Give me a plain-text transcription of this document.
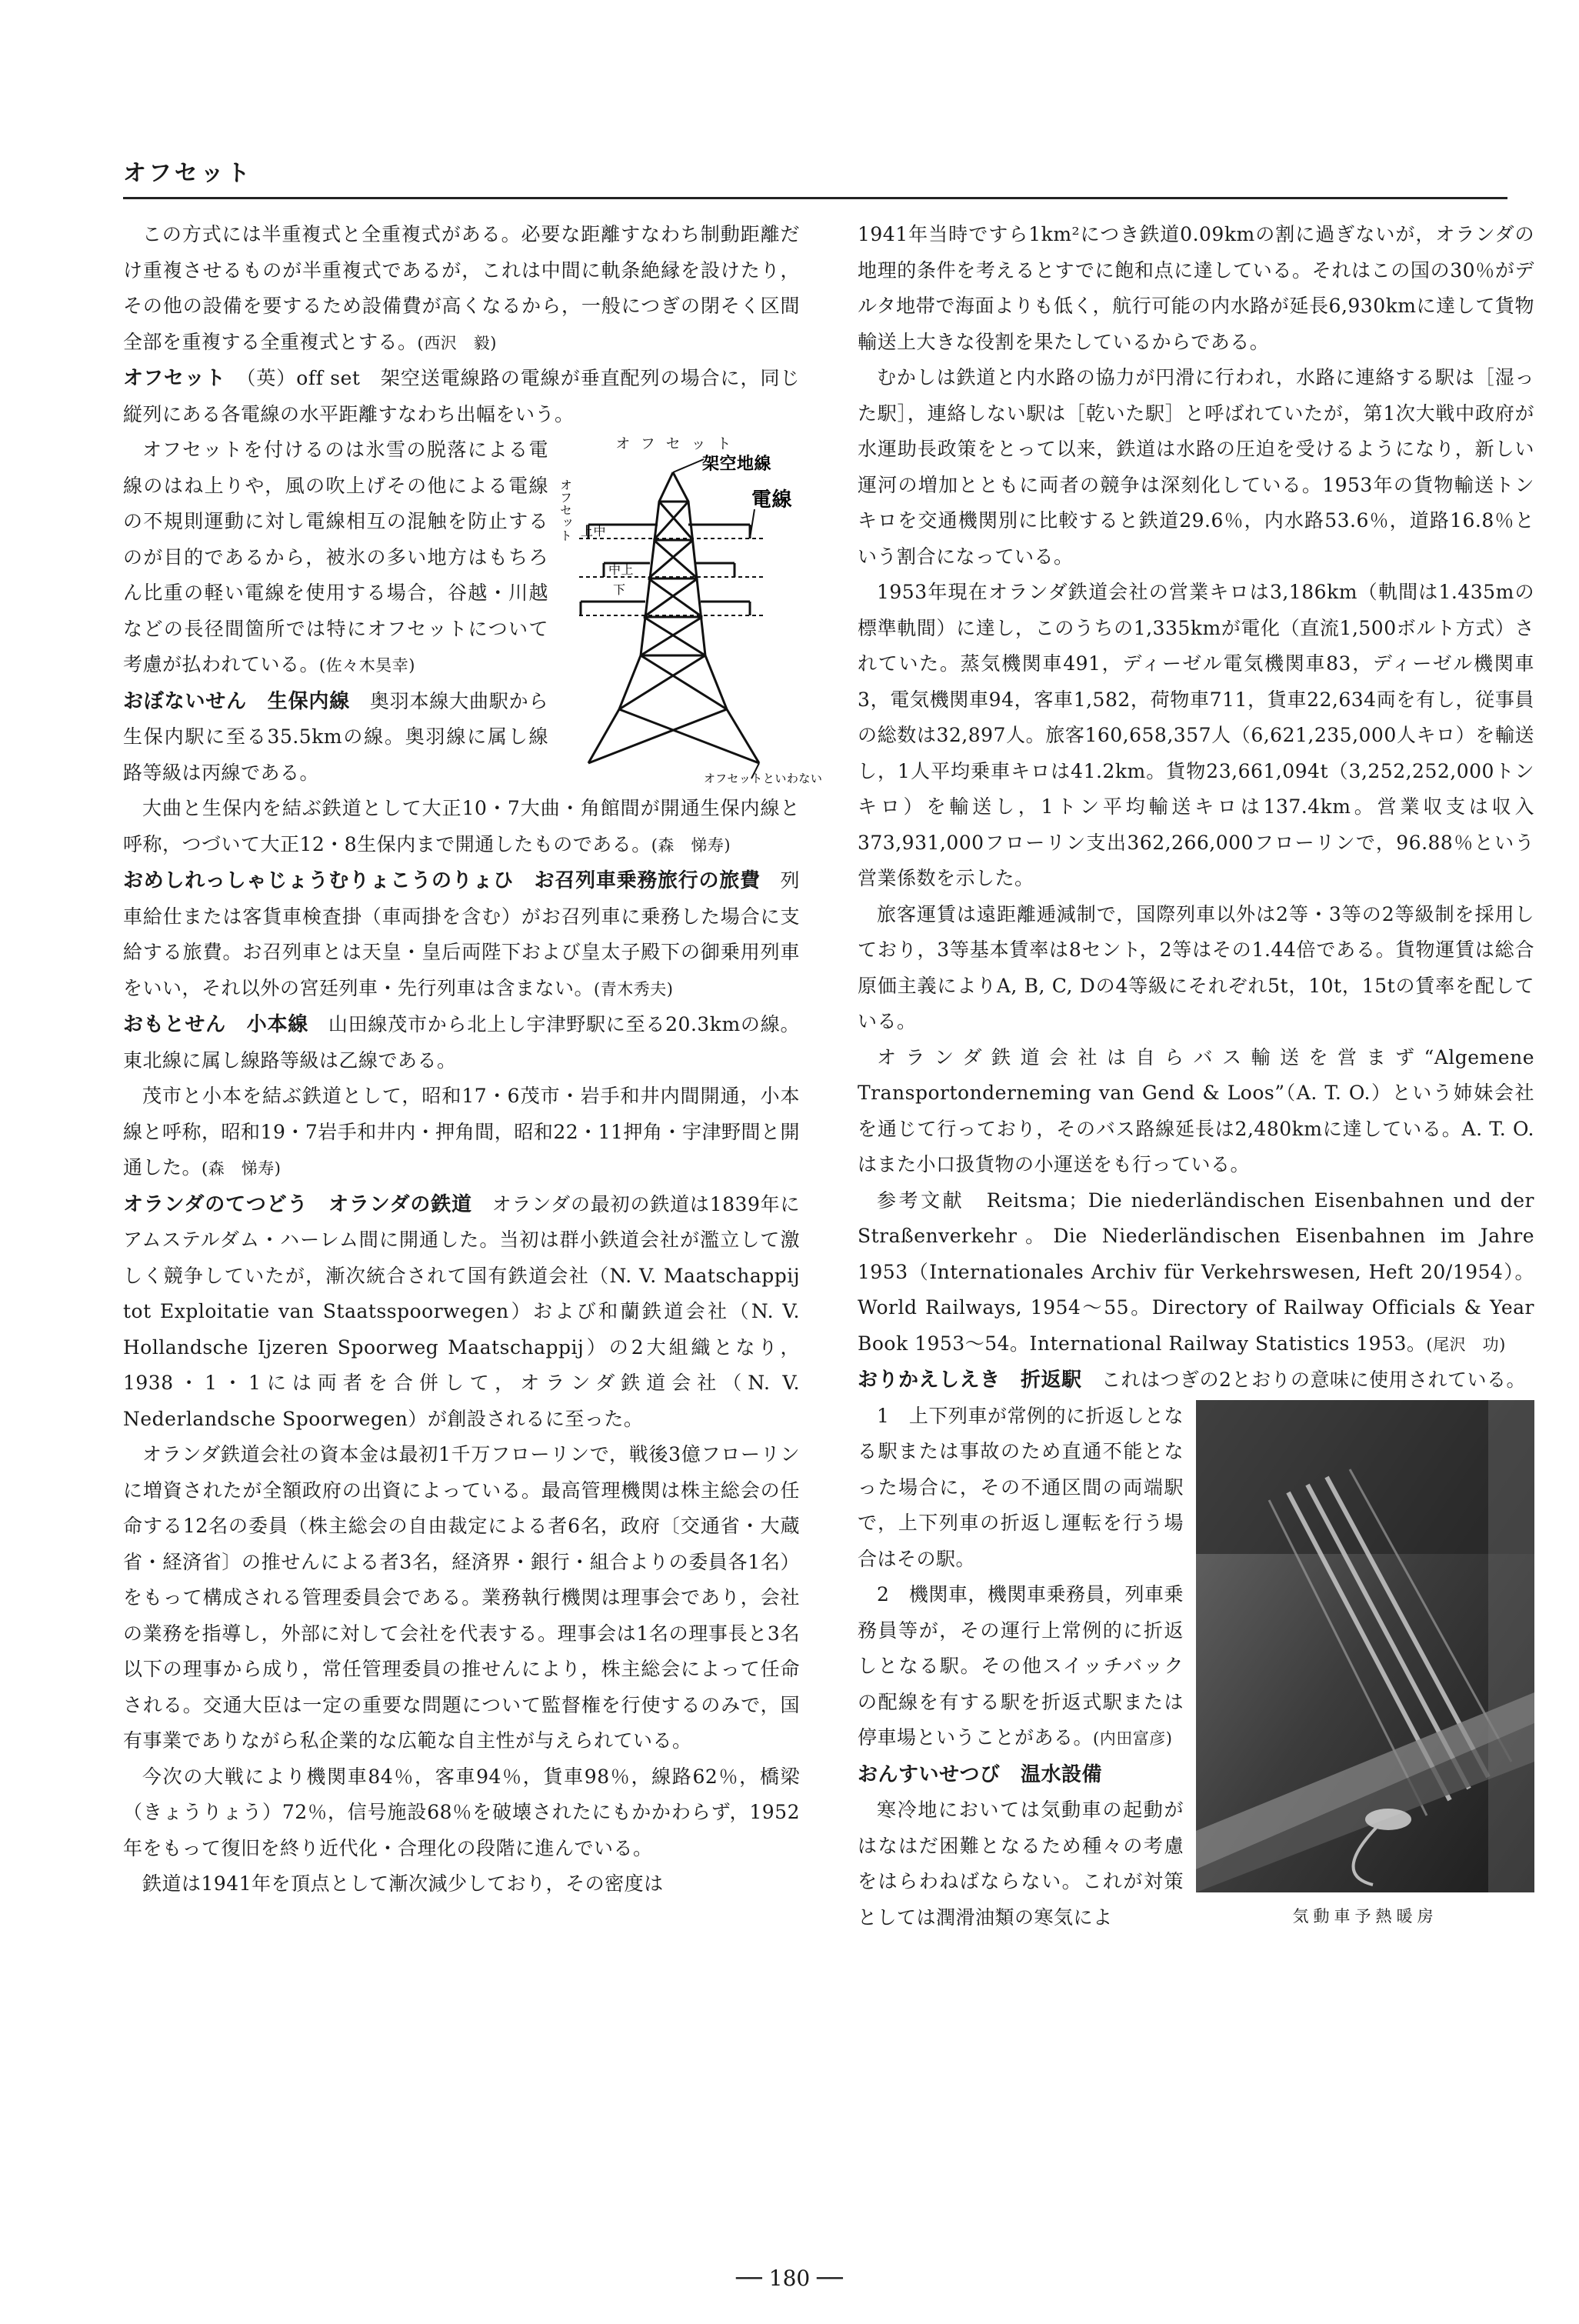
オフセット

この方式には半重複式と全重複式がある。必要な距離すなわち制動距離だけ重複させるものが半重複式であるが，これは中間に軌条絶縁を設けたり，その他の設備を要するため設備費が高くなるから，一般につぎの閉そく区間全部を重複する全重複式とする。(西沢　毅)

オフセット　 （英）off set　架空送電線路の電線が垂直配列の場合に，同じ縦列にある各電線の水平距離すなわち出幅をいう。

オフセット
架空地線
オフセット	電線
上中
中上
下
オフセットといわない

オフセットを付けるのは氷雪の脱落による電線のはね上りや，風の吹上げその他による電線の不規則運動に対し電線相互の混触を防止するのが目的であるから，被氷の多い地方はもちろん比重の軽い電線を使用する場合，谷越・川越などの長径間箇所では特にオフセットについて考慮が払われている。(佐々木昊幸)

おぼないせん　生保内線　 奥羽本線大曲駅から生保内駅に至る35.5kmの線。奥羽線に属し線路等級は丙線である。

大曲と生保内を結ぶ鉄道として大正10・7大曲・角館間が開通生保内線と呼称，つづいて大正12・8生保内まで開通したものである。(森　悌寿)

おめしれっしゃじょうむりょこうのりょひ　お召列車乗務旅行の旅費　 列車給仕または客貨車検査掛（車両掛を含む）がお召列車に乗務した場合に支給する旅費。お召列車とは天皇・皇后両陛下および皇太子殿下の御乗用列車をいい，それ以外の宮廷列車・先行列車は含まない。(青木秀夫)

おもとせん　小本線　 山田線茂市から北上し宇津野駅に至る20.3kmの線。東北線に属し線路等級は乙線である。

茂市と小本を結ぶ鉄道として，昭和17・6茂市・岩手和井内間開通，小本線と呼称，昭和19・7岩手和井内・押角間，昭和22・11押角・宇津野間と開通した。(森　悌寿)

オランダのてつどう　オランダの鉄道　 オランダの最初の鉄道は1839年にアムステルダム・ハーレム間に開通した。当初は群小鉄道会社が濫立して激しく競争していたが，漸次統合されて国有鉄道会社（N. V. Maatschappij tot Exploitatie van Staatsspoorwegen）および和蘭鉄道会社（N. V. Hollandsche Ijzeren Spoorweg Maatschappij）の2大組織となり，1938・1・1には両者を合併して，オランダ鉄道会社（N. V. Nederlandsche Spoorwegen）が創設されるに至った。

オランダ鉄道会社の資本金は最初1千万フローリンで，戦後3億フローリンに増資されたが全額政府の出資によっている。最高管理機関は株主総会の任命する12名の委員（株主総会の自由裁定による者6名，政府〔交通省・大蔵省・経済省〕の推せんによる者3名，経済界・銀行・組合よりの委員各1名）をもって構成される管理委員会である。業務執行機関は理事会であり，会社の業務を指導し，外部に対して会社を代表する。理事会は1名の理事長と3名以下の理事から成り，常任管理委員の推せんにより，株主総会によって任命される。交通大臣は一定の重要な問題について監督権を行使するのみで，国有事業でありながら私企業的な広範な自主性が与えられている。

今次の大戦により機関車84％，客車94％，貨車98％，線路62％，橋梁（きょうりょう）72％，信号施設68％を破壊されたにもかかわらず，1952年をもって復旧を終り近代化・合理化の段階に進んでいる。

鉄道は1941年を頂点として漸次減少しており，その密度は

1941年当時ですら1km²につき鉄道0.09kmの割に過ぎないが，オランダの地理的条件を考えるとすでに飽和点に達している。それはこの国の30％がデルタ地帯で海面よりも低く，航行可能の内水路が延長6,930kmに達して貨物輸送上大きな役割を果たしているからである。

むかしは鉄道と内水路の協力が円滑に行われ，水路に連絡する駅は［湿った駅］，連絡しない駅は［乾いた駅］と呼ばれていたが，第1次大戦中政府が水運助長政策をとって以来，鉄道は水路の圧迫を受けるようになり，新しい運河の増加とともに両者の競争は深刻化している。1953年の貨物輸送トンキロを交通機関別に比較すると鉄道29.6％，内水路53.6％，道路16.8％という割合になっている。

1953年現在オランダ鉄道会社の営業キロは3,186km（軌間は1.435mの標準軌間）に達し，このうちの1,335kmが電化（直流1,500ボルト方式）されていた。蒸気機関車491，ディーゼル電気機関車83，ディーゼル機関車3，電気機関車94，客車1,582，荷物車711，貨車22,634両を有し，従事員の総数は32,897人。旅客160,658,357人（6,621,235,000人キロ）を輸送し，1人平均乗車キロは41.2km。貨物23,661,094t（3,252,252,000トンキロ）を輸送し，1トン平均輸送キロは137.4km。営業収支は収入373,931,000フローリン支出362,266,000フローリンで，96.88％という営業係数を示した。

旅客運賃は遠距離逓減制で，国際列車以外は2等・3等の2等級制を採用しており，3等基本賃率は8セント，2等はその1.44倍である。貨物運賃は総合原価主義によりA, B, C, Dの4等級にそれぞれ5t，10t，15tの賃率を配している。

オランダ鉄道会社は自らバス輸送を営まず“Algemene Transportonderneming van Gend & Loos”（A. T. O.）という姉妹会社を通じて行っており，そのバス路線延長は2,480kmに達している。A. T. O.はまた小口扱貨物の小運送をも行っている。

参考文献　Reitsma；Die niederländischen Eisenbahnen und der Straßenverkehr。Die Niederländischen Eisenbahnen im Jahre 1953（Internationales Archiv für Verkehrswesen, Heft 20/1954）。World Railways, 1954～55。Directory of Railway Officials & Year Book 1953～54。International Railway Statistics 1953。(尾沢　功)

おりかえしえき　折返駅　 これはつぎの2とおりの意味に使用されている。

気動車予熱暖房

1　上下列車が常例的に折返しとなる駅または事故のため直通不能となった場合に，その不通区間の両端駅で，上下列車の折返し運転を行う場合はその駅。

2　機関車，機関車乗務員，列車乗務員等が，その運行上常例的に折返しとなる駅。その他スイッチバックの配線を有する駅を折返式駅または停車場ということがある。(内田富彦)

おんすいせつび　温水設備

寒冷地においては気動車の起動がはなはだ困難となるため種々の考慮をはらわねばならない。これが対策としては潤滑油類の寒気によ

── 180 ──
